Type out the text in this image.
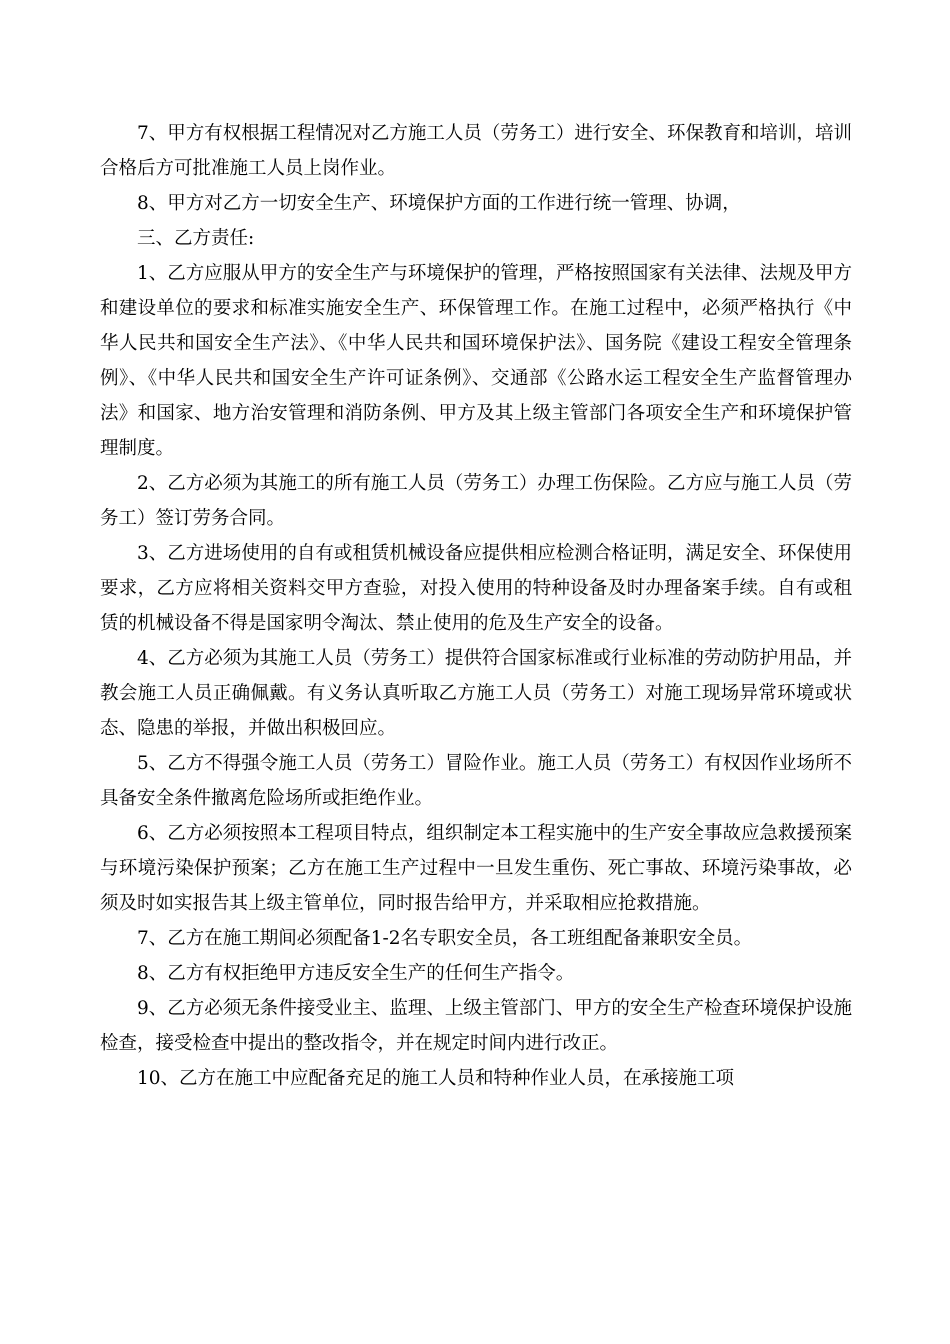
7、甲方有权根据工程情况对乙方施工人员（劳务工）进行安全、环保教育和培训，培训合格后方可批准施工人员上岗作业。

8、甲方对乙方一切安全生产、环境保护方面的工作进行统一管理、协调，

三、乙方责任:

1、乙方应服从甲方的安全生产与环境保护的管理，严格按照国家有关法律、法规及甲方和建设单位的要求和标准实施安全生产、环保管理工作。在施工过程中，必须严格执行《中华人民共和国安全生产法》、《中华人民共和国环境保护法》、国务院《建设工程安全管理条例》、《中华人民共和国安全生产许可证条例》、交通部《公路水运工程安全生产监督管理办法》和国家、地方治安管理和消防条例、甲方及其上级主管部门各项安全生产和环境保护管理制度。

2、乙方必须为其施工的所有施工人员（劳务工）办理工伤保险。乙方应与施工人员（劳务工）签订劳务合同。

3、乙方进场使用的自有或租赁机械设备应提供相应检测合格证明，满足安全、环保使用要求，乙方应将相关资料交甲方查验，对投入使用的特种设备及时办理备案手续。自有或租赁的机械设备不得是国家明令淘汰、禁止使用的危及生产安全的设备。

4、乙方必须为其施工人员（劳务工）提供符合国家标准或行业标准的劳动防护用品，并教会施工人员正确佩戴。有义务认真听取乙方施工人员（劳务工）对施工现场异常环境或状态、隐患的举报，并做出积极回应。

5、乙方不得强令施工人员（劳务工）冒险作业。施工人员（劳务工）有权因作业场所不具备安全条件撤离危险场所或拒绝作业。

6、乙方必须按照本工程项目特点，组织制定本工程实施中的生产安全事故应急救援预案与环境污染保护预案；乙方在施工生产过程中一旦发生重伤、死亡事故、环境污染事故，必须及时如实报告其上级主管单位，同时报告给甲方，并采取相应抢救措施。

7、乙方在施工期间必须配备1-2名专职安全员，各工班组配备兼职安全员。

8、乙方有权拒绝甲方违反安全生产的任何生产指令。

9、乙方必须无条件接受业主、监理、上级主管部门、甲方的安全生产检查环境保护设施检查，接受检查中提出的整改指令，并在规定时间内进行改正。

10、乙方在施工中应配备充足的施工人员和特种作业人员，在承接施工项
